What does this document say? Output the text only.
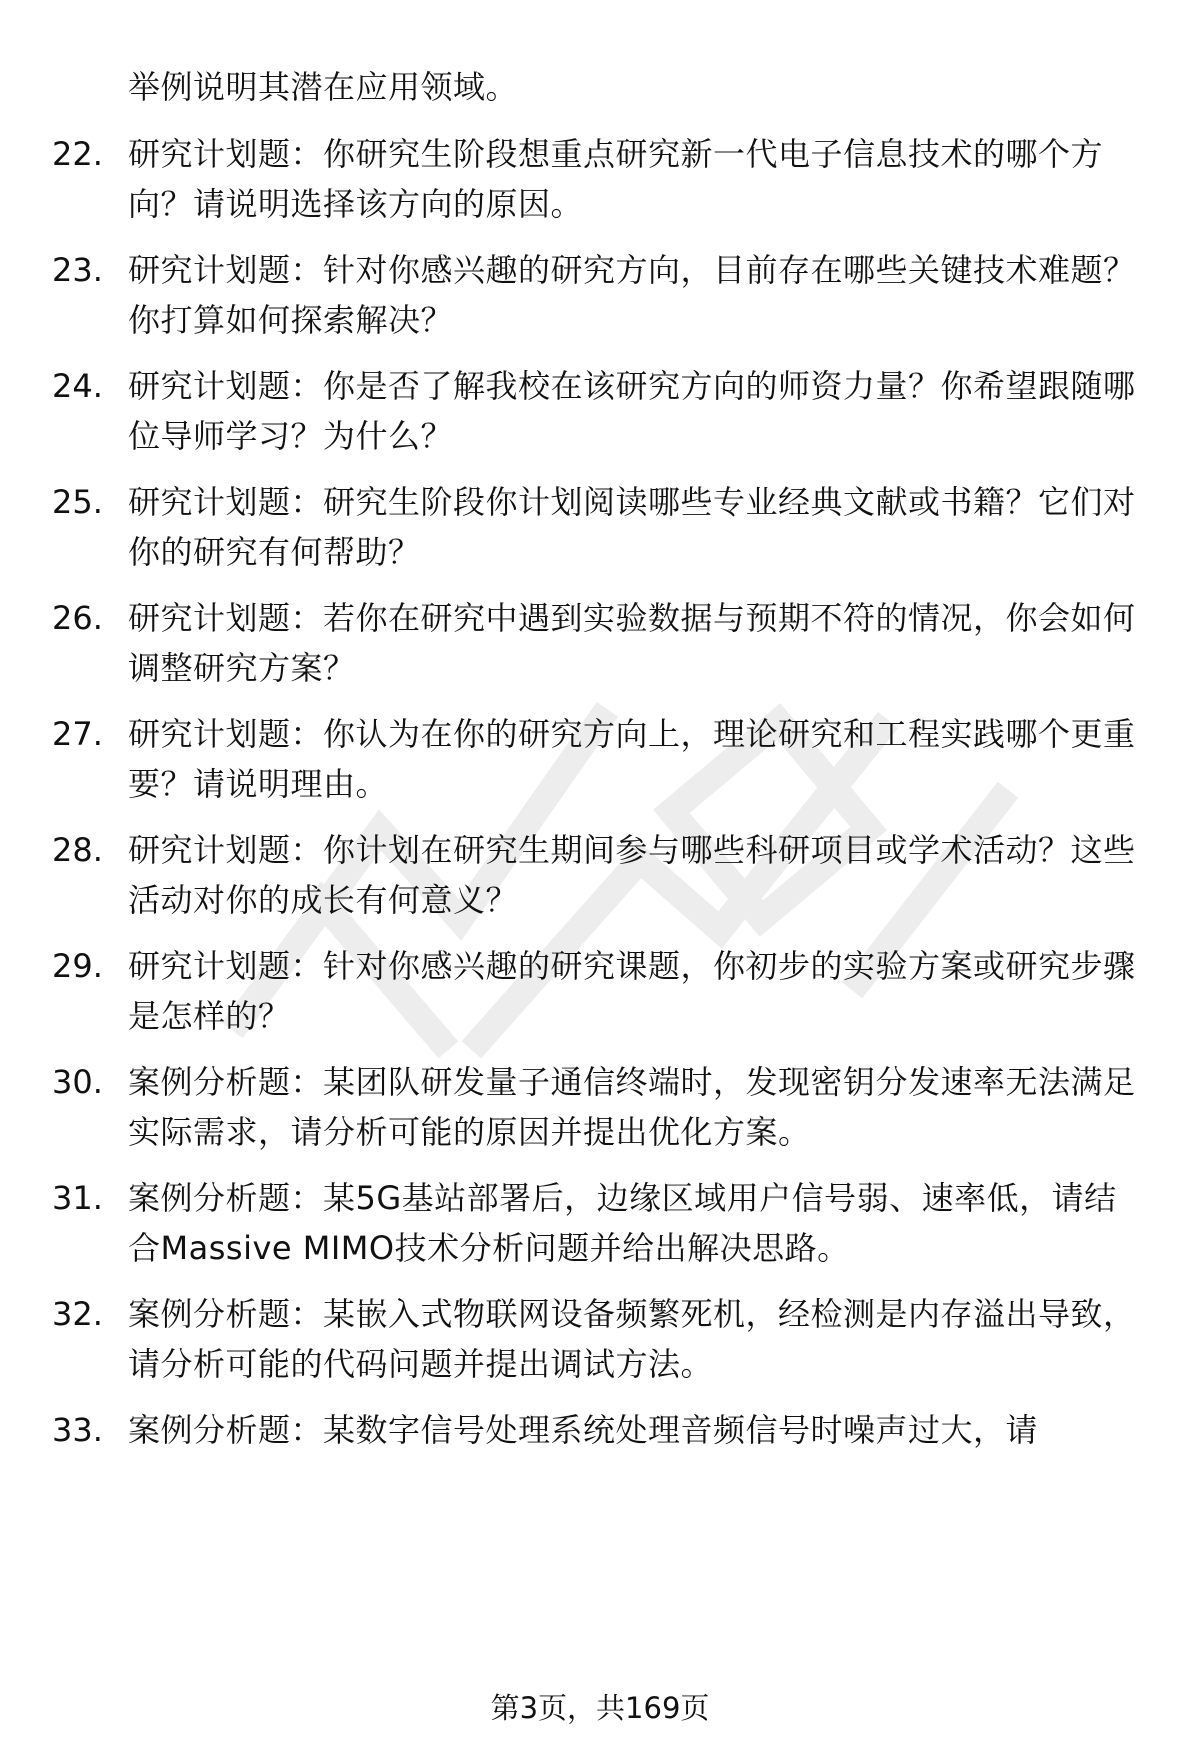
举例说明其潜在应用领域。
22. 研究计划题：你研究生阶段想重点研究新一代电子信息技术的哪个方向？请说明选择该方向的原因。
23. 研究计划题：针对你感兴趣的研究方向，目前存在哪些关键技术难题？你打算如何探索解决？
24. 研究计划题：你是否了解我校在该研究方向的师资力量？你希望跟随哪位导师学习？为什么？
25. 研究计划题：研究生阶段你计划阅读哪些专业经典文献或书籍？它们对你的研究有何帮助？
26. 研究计划题：若你在研究中遇到实验数据与预期不符的情况，你会如何调整研究方案？
27. 研究计划题：你认为在你的研究方向上，理论研究和工程实践哪个更重要？请说明理由。
28. 研究计划题：你计划在研究生期间参与哪些科研项目或学术活动？这些活动对你的成长有何意义？
29. 研究计划题：针对你感兴趣的研究课题，你初步的实验方案或研究步骤是怎样的？
30. 案例分析题：某团队研发量子通信终端时，发现密钥分发速率无法满足实际需求，请分析可能的原因并提出优化方案。
31. 案例分析题：某5G基站部署后，边缘区域用户信号弱、速率低，请结合Massive MIMO技术分析问题并给出解决思路。
32. 案例分析题：某嵌入式物联网设备频繁死机，经检测是内存溢出导致，请分析可能的代码问题并提出调试方法。
33. 案例分析题：某数字信号处理系统处理音频信号时噪声过大，请
第3页，共169页
